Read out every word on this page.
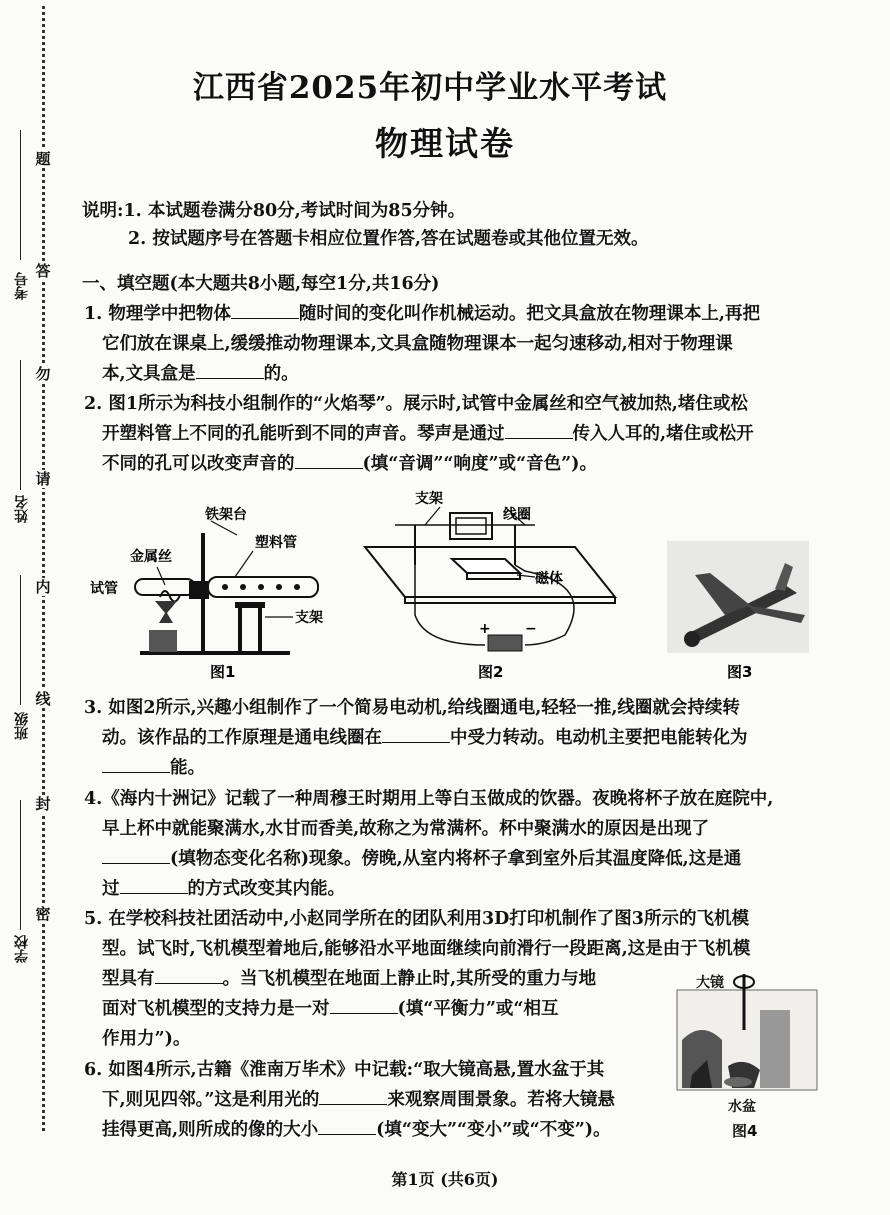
题
答
勿
请
内
线
封
密
考号
姓名
班级
学校
江西省2025年初中学业水平考试
物理试卷
说明:1. 本试题卷满分80分,考试时间为85分钟。
2. 按试题序号在答题卡相应位置作答,答在试题卷或其他位置无效。
一、填空题(本大题共8小题,每空1分,共16分)
1. 物理学中把物体	随时间的变化叫作机械运动。把文具盒放在物理课本上,再把
它们放在课桌上,缓缓推动物理课本,文具盒随物理课本一起匀速移动,相对于物理课
本,文具盒是	的。
2. 图1所示为科技小组制作的“火焰琴”。展示时,试管中金属丝和空气被加热,堵住或松
开塑料管上不同的孔能听到不同的声音。琴声是通过	传入人耳的,堵住或松开
不同的孔可以改变声音的	(填“音调”“响度”或“音色”)。
铁架台
塑料管
金属丝
试管
支架
图1
支架
线圈
磁体
+ −
图2	图3
3. 如图2所示,兴趣小组制作了一个简易电动机,给线圈通电,轻轻一推,线圈就会持续转
动。该作品的工作原理是通电线圈在	中受力转动。电动机主要把电能转化为
能。
4.《海内十洲记》记载了一种周穆王时期用上等白玉做成的饮器。夜晚将杯子放在庭院中,
早上杯中就能聚满水,水甘而香美,故称之为常满杯。杯中聚满水的原因是出现了
(填物态变化名称)现象。傍晚,从室内将杯子拿到室外后其温度降低,这是通
过	的方式改变其内能。
5. 在学校科技社团活动中,小赵同学所在的团队利用3D打印机制作了图3所示的飞机模
型。试飞时,飞机模型着地后,能够沿水平地面继续向前滑行一段距离,这是由于飞机模
型具有	。当飞机模型在地面上静止时,其所受的重力与地
面对飞机模型的支持力是一对	(填“平衡力”或“相互
作用力”)。
6. 如图4所示,古籍《淮南万毕术》中记载:“取大镜高悬,置水盆于其
下,则见四邻。”这是利用光的	来观察周围景象。若将大镜悬
挂得更高,则所成的像的大小	(填“变大”“变小”或“不变”)。
大镜
水盆
图4
第1页 (共6页)
